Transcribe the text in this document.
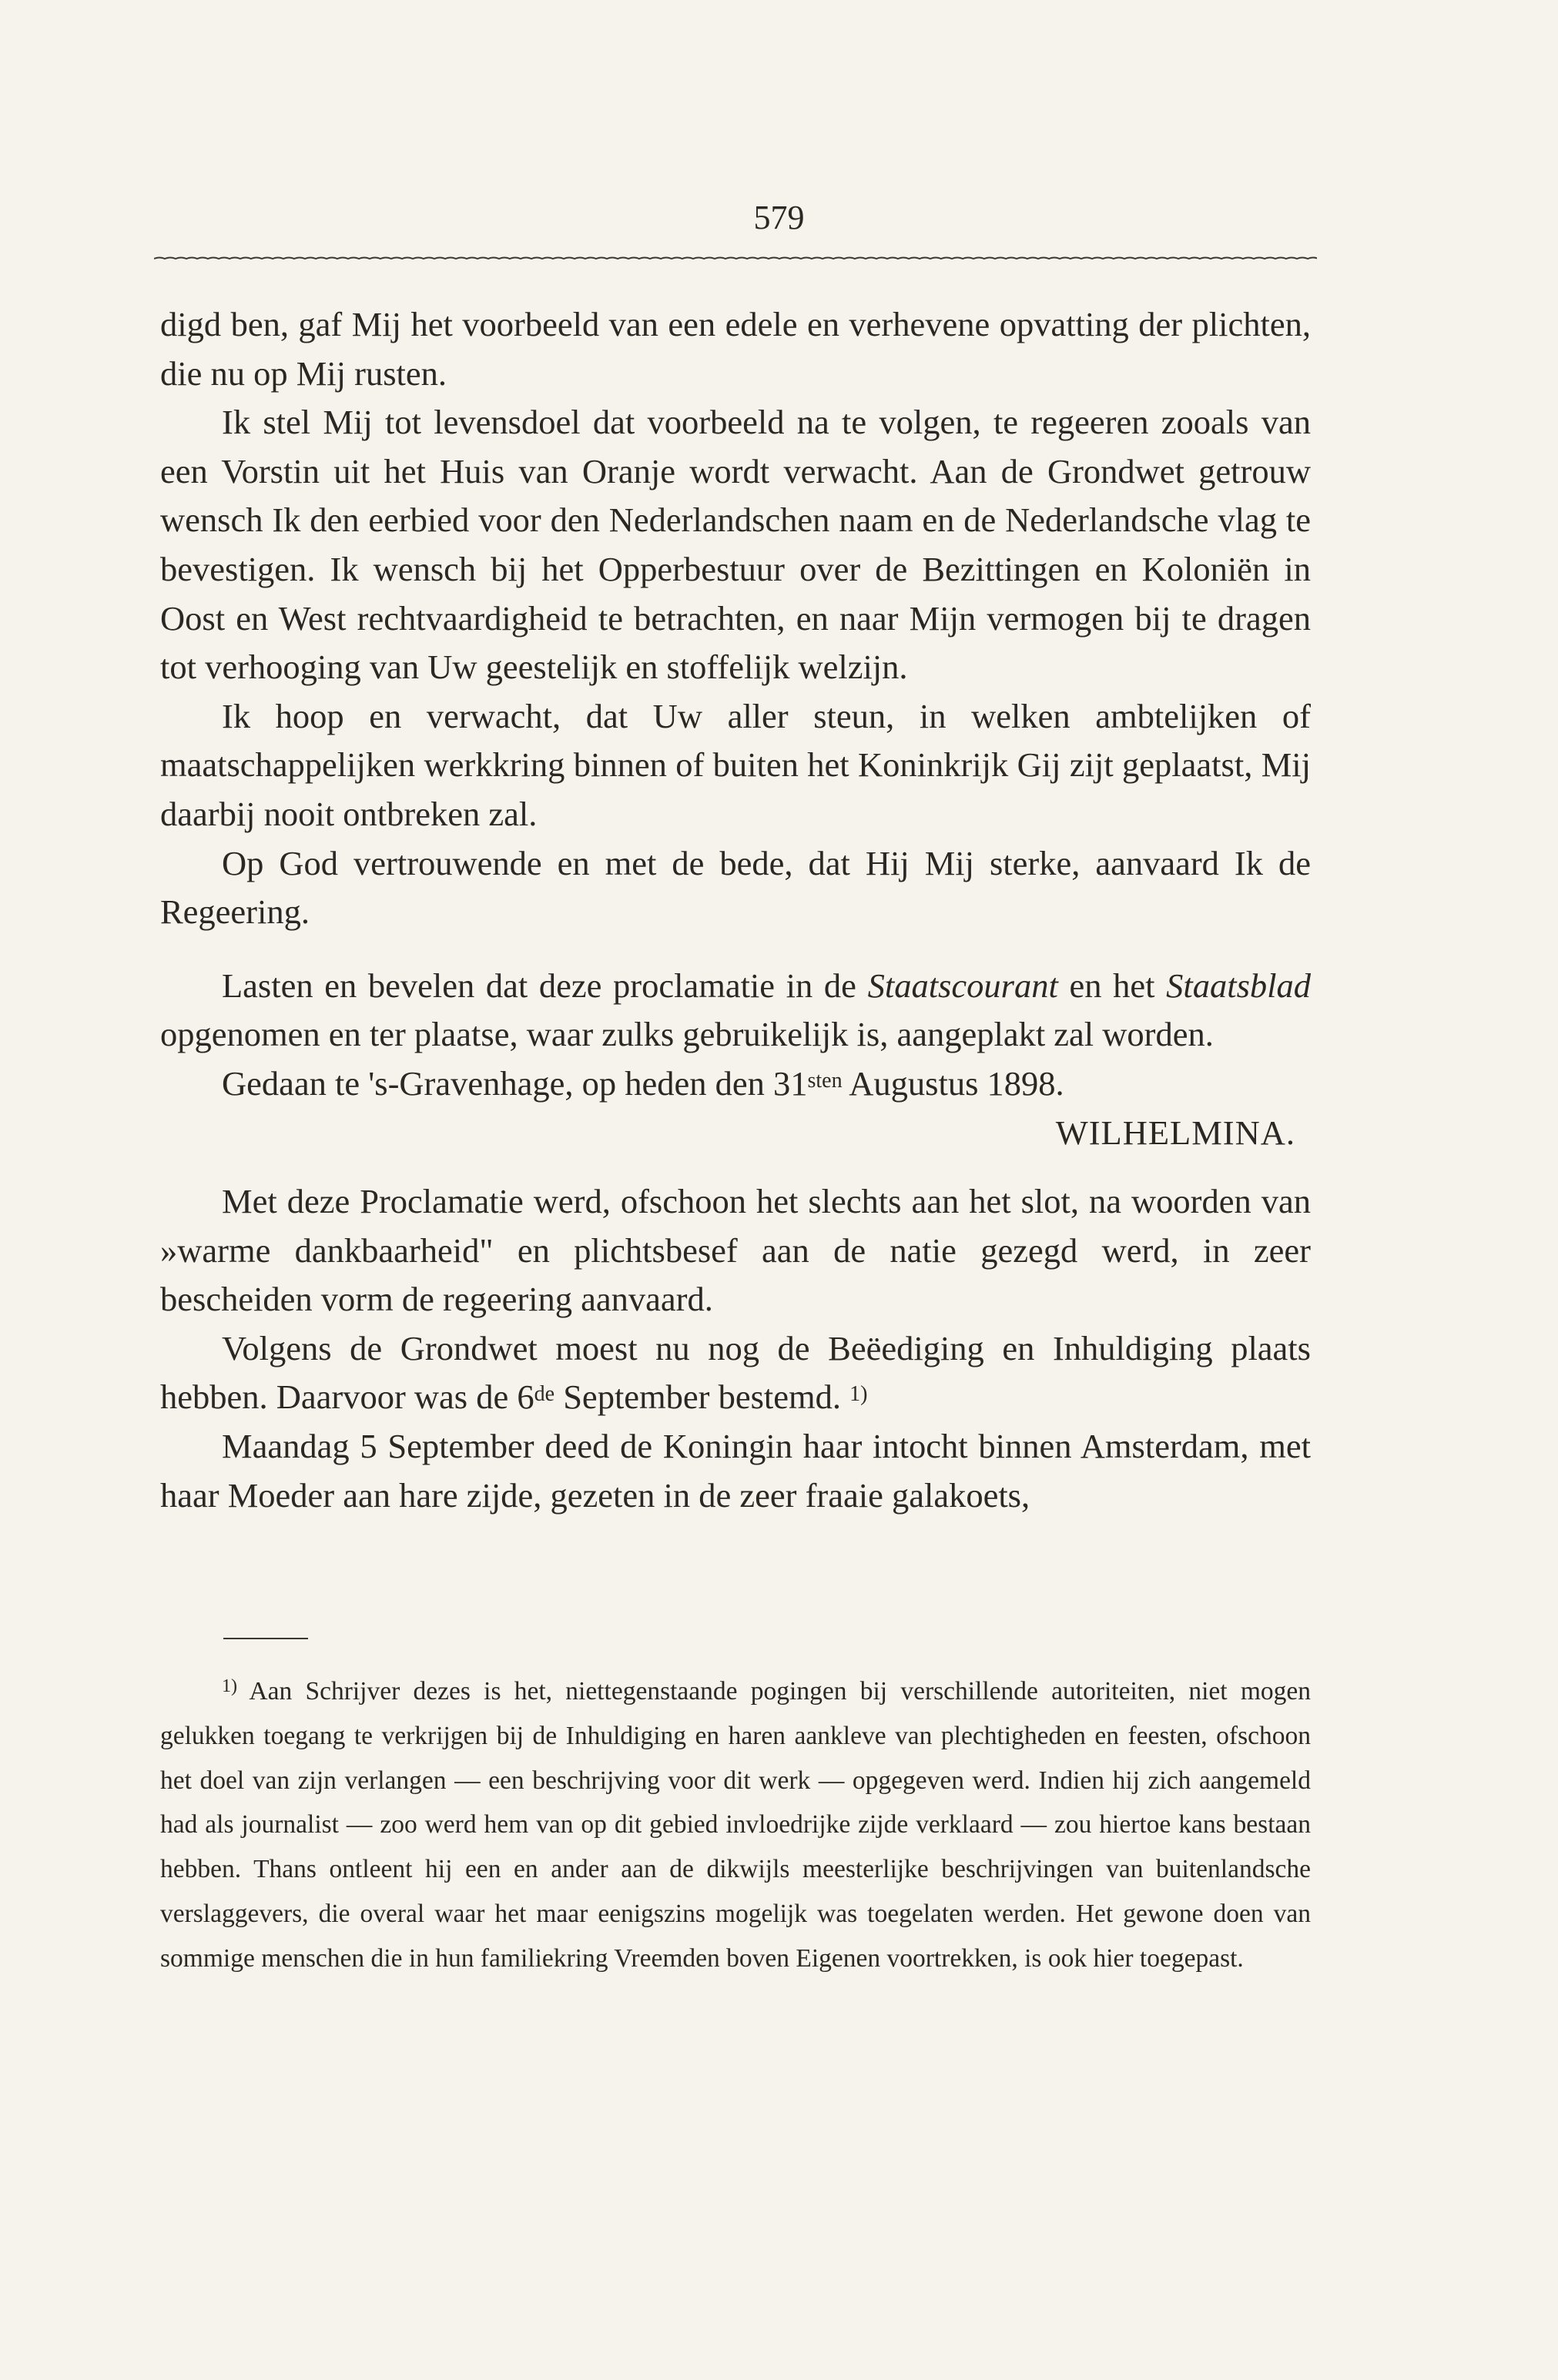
579

digd ben, gaf Mij het voorbeeld van een edele en verhevene opvatting der plichten, die nu op Mij rusten.

Ik stel Mij tot levensdoel dat voorbeeld na te volgen, te regeeren zooals van een Vorstin uit het Huis van Oranje wordt verwacht. Aan de Grondwet getrouw wensch Ik den eerbied voor den Nederlandschen naam en de Nederlandsche vlag te bevestigen. Ik wensch bij het Opperbestuur over de Bezittingen en Koloniën in Oost en West rechtvaardigheid te betrachten, en naar Mijn vermogen bij te dragen tot verhooging van Uw geestelijk en stoffelijk welzijn.

Ik hoop en verwacht, dat Uw aller steun, in welken ambtelijken of maatschappelijken werkkring binnen of buiten het Koninkrijk Gij zijt geplaatst, Mij daarbij nooit ontbreken zal.

Op God vertrouwende en met de bede, dat Hij Mij sterke, aanvaard Ik de Regeering.

Lasten en bevelen dat deze proclamatie in de Staatscourant en het Staatsblad opgenomen en ter plaatse, waar zulks gebruikelijk is, aangeplakt zal worden.

Gedaan te 's-Gravenhage, op heden den $31^{sten}$ Augustus 1898.

WILHELMINA.

Met deze Proclamatie werd, ofschoon het slechts aan het slot, na woorden van »warme dankbaarheid" en plichtsbesef aan de natie gezegd werd, in zeer bescheiden vorm de regeering aanvaard.

Volgens de Grondwet moest nu nog de Beëediging en Inhuldiging plaats hebben. Daarvoor was de 6de September bestemd. $^{1)}$

Maandag 5 September deed de Koningin haar intocht binnen Amsterdam, met haar Moeder aan hare zijde, gezeten in de zeer fraaie galakoets,

$^{1)}$ Aan Schrijver dezes is het, niettegenstaande pogingen bij verschillende autoriteiten, niet mogen gelukken toegang te verkrijgen bij de Inhuldiging en haren aankleve van plechtigheden en feesten, ofschoon het doel van zijn verlangen — een beschrijving voor dit werk — opgegeven werd. Indien hij zich aangemeld had als journalist — zoo werd hem van op dit gebied invloedrijke zijde verklaard — zou hiertoe kans bestaan hebben. Thans ontleent hij een en ander aan de dikwijls meesterlijke beschrijvingen van buitenlandsche verslaggevers, die overal waar het maar eenigszins mogelijk was toegelaten werden. Het gewone doen van sommige menschen die in hun familiekring Vreemden boven Eigenen voortrekken, is ook hier toegepast.
